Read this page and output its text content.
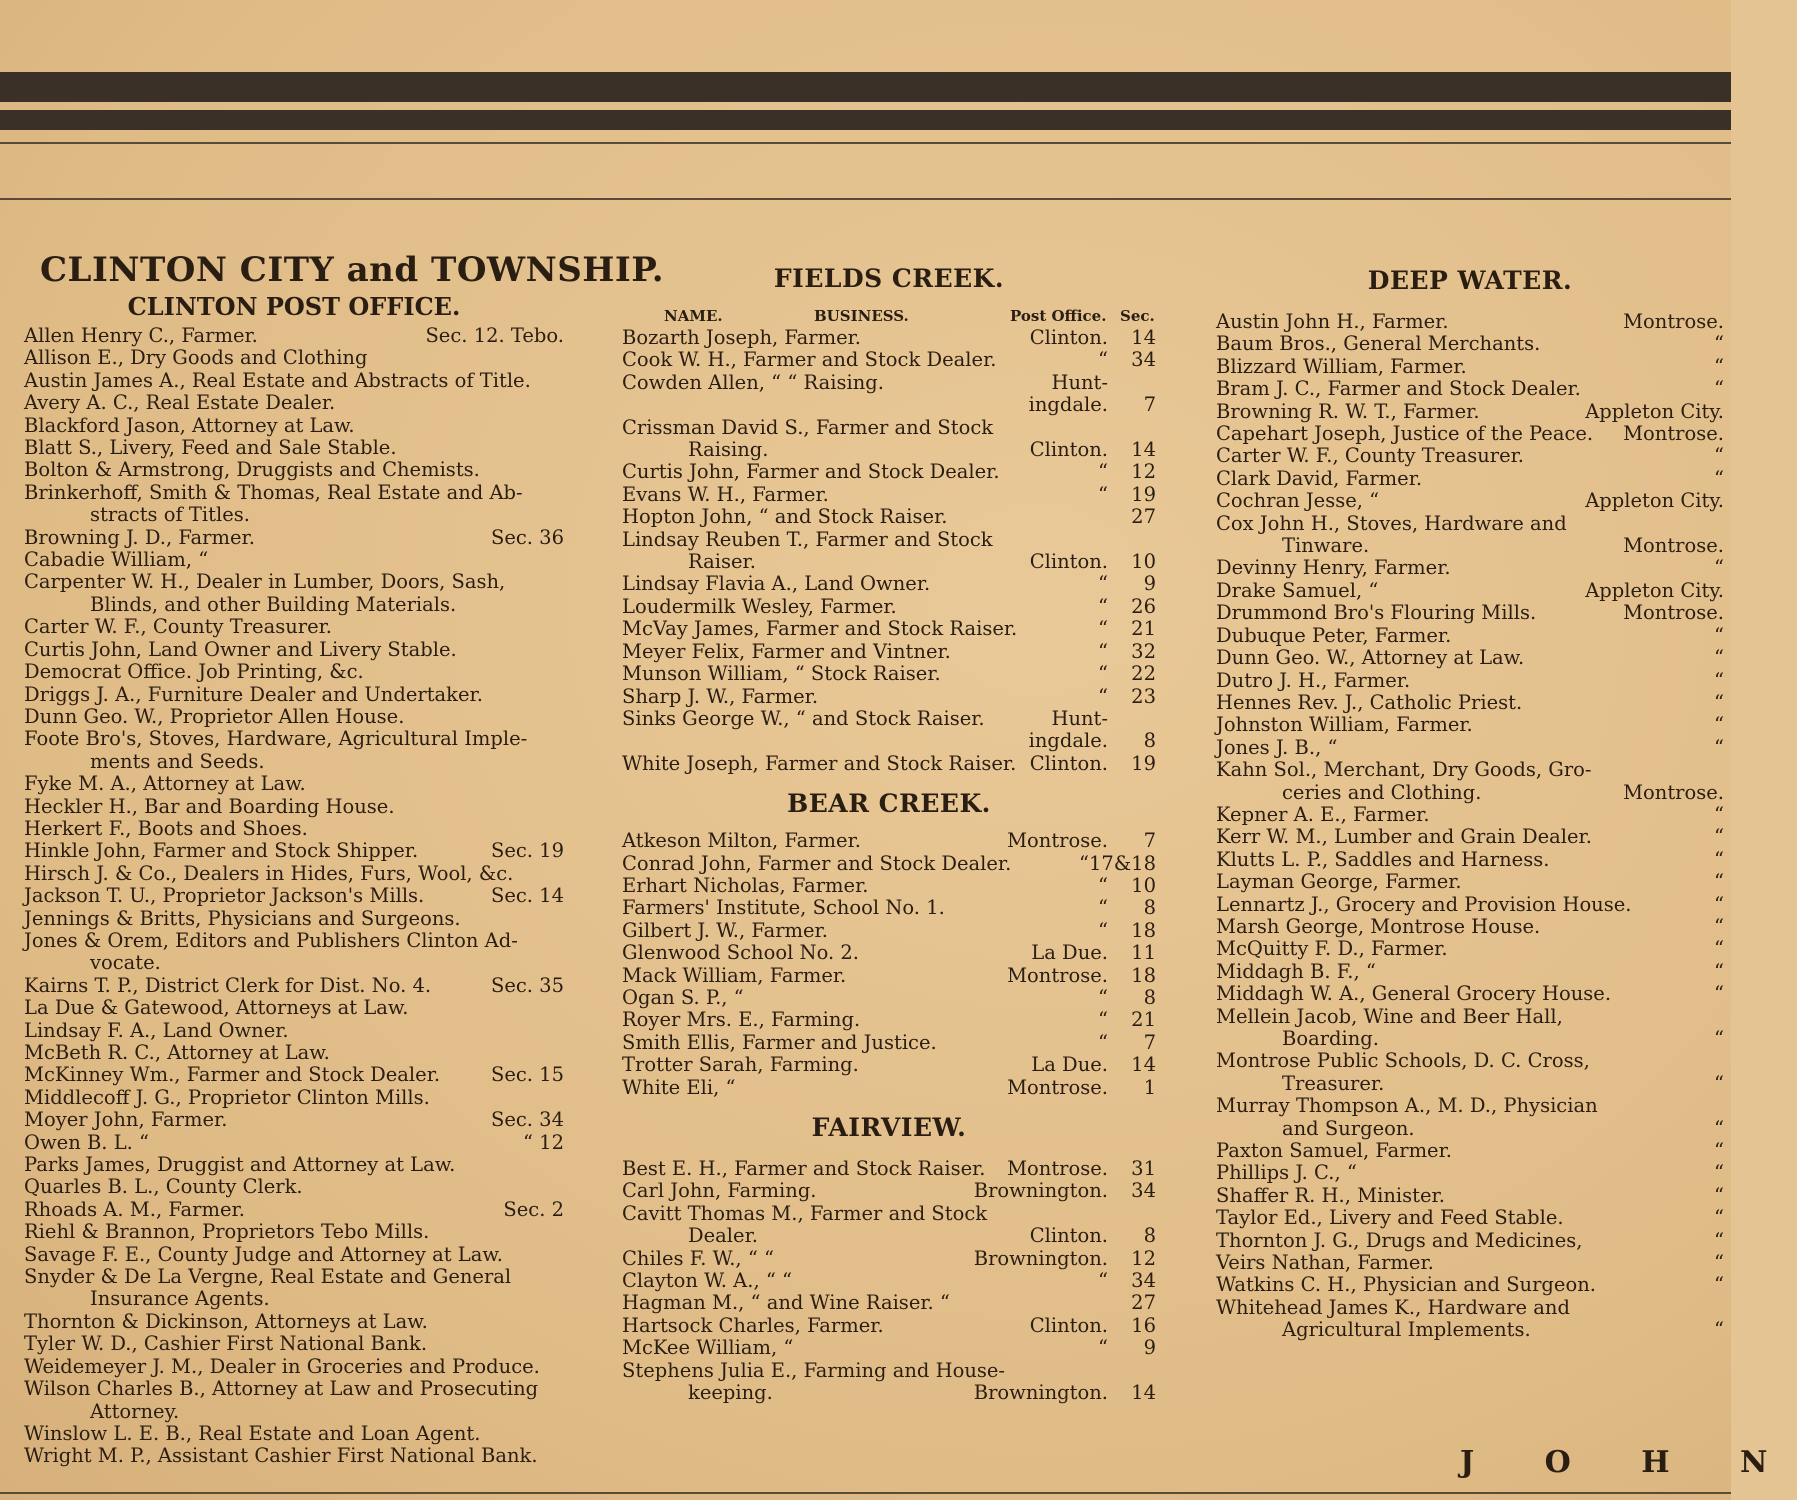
CLINTON CITY and TOWNSHIP.
CLINTON POST OFFICE.
Allen Henry C., Farmer.	Sec. 12. Tebo.
Allison E., Dry Goods and Clothing
Austin James A., Real Estate and Abstracts of Title.
Avery A. C., Real Estate Dealer.
Blackford Jason, Attorney at Law.
Blatt S., Livery, Feed and Sale Stable.
Bolton & Armstrong, Druggists and Chemists.
Brinkerhoff, Smith & Thomas, Real Estate and Ab-
stracts of Titles.
Browning J. D., Farmer.	Sec. 36
Cabadie William, “
Carpenter W. H., Dealer in Lumber, Doors, Sash,
Blinds, and other Building Materials.
Carter W. F., County Treasurer.
Curtis John, Land Owner and Livery Stable.
Democrat Office. Job Printing, &c.
Driggs J. A., Furniture Dealer and Undertaker.
Dunn Geo. W., Proprietor Allen House.
Foote Bro's, Stoves, Hardware, Agricultural Imple-
ments and Seeds.
Fyke M. A., Attorney at Law.
Heckler H., Bar and Boarding House.
Herkert F., Boots and Shoes.
Hinkle John, Farmer and Stock Shipper.	Sec. 19
Hirsch J. & Co., Dealers in Hides, Furs, Wool, &c.
Jackson T. U., Proprietor Jackson's Mills.	Sec. 14
Jennings & Britts, Physicians and Surgeons.
Jones & Orem, Editors and Publishers Clinton Ad-
vocate.
Kairns T. P., District Clerk for Dist. No. 4.	Sec. 35
La Due & Gatewood, Attorneys at Law.
Lindsay F. A., Land Owner.
McBeth R. C., Attorney at Law.
McKinney Wm., Farmer and Stock Dealer.	Sec. 15
Middlecoff J. G., Proprietor Clinton Mills.
Moyer John, Farmer.	Sec. 34
Owen B. L. “	“ 12
Parks James, Druggist and Attorney at Law.
Quarles B. L., County Clerk.
Rhoads A. M., Farmer.	Sec. 2
Riehl & Brannon, Proprietors Tebo Mills.
Savage F. E., County Judge and Attorney at Law.
Snyder & De La Vergne, Real Estate and General
Insurance Agents.
Thornton & Dickinson, Attorneys at Law.
Tyler W. D., Cashier First National Bank.
Weidemeyer J. M., Dealer in Groceries and Produce.
Wilson Charles B., Attorney at Law and Prosecuting
Attorney.
Winslow L. E. B., Real Estate and Loan Agent.
Wright M. P., Assistant Cashier First National Bank.
FIELDS CREEK.
NAME.	BUSINESS.	Post Office. Sec.
Bozarth Joseph, Farmer.	Clinton.	14
Cook W. H., Farmer and Stock Dealer.	“	34
Cowden Allen, “ “ Raising.	Hunt-
ingdale.	7
Crissman David S., Farmer and Stock
Raising.	Clinton.	14
Curtis John, Farmer and Stock Dealer.	“	12
Evans W. H., Farmer.	“	19
Hopton John, “ and Stock Raiser.	27
Lindsay Reuben T., Farmer and Stock
Raiser.	Clinton.	10
Lindsay Flavia A., Land Owner.	“	9
Loudermilk Wesley, Farmer.	“	26
McVay James, Farmer and Stock Raiser.	“	21
Meyer Felix, Farmer and Vintner.	“	32
Munson William, “ Stock Raiser.	“	22
Sharp J. W., Farmer.	“	23
Sinks George W., “ and Stock Raiser.	Hunt-
ingdale.	8
White Joseph, Farmer and Stock Raiser. Clinton.	19
BEAR CREEK.
Atkeson Milton, Farmer.	Montrose.	7
Conrad John, Farmer and Stock Dealer.	“ 17&18
Erhart Nicholas, Farmer.	“	10
Farmers' Institute, School No. 1.	“	8
Gilbert J. W., Farmer.	“	18
Glenwood School No. 2.	La Due.	11
Mack William, Farmer.	Montrose.	18
Ogan S. P., “	“	8
Royer Mrs. E., Farming.	“	21
Smith Ellis, Farmer and Justice.	“	7
Trotter Sarah, Farming.	La Due.	14
White Eli, “	Montrose.	1
FAIRVIEW.
Best E. H., Farmer and Stock Raiser.	Montrose.	31
Carl John, Farming.	Brownington.	34
Cavitt Thomas M., Farmer and Stock
Dealer.	Clinton.	8
Chiles F. W., “ “	Brownington.	12
Clayton W. A., “ “	“	34
Hagman M., “ and Wine Raiser. “	27
Hartsock Charles, Farmer.	Clinton.	16
McKee William, “	“	9
Stephens Julia E., Farming and House-
keeping.	Brownington.	14
DEEP WATER.
Austin John H., Farmer.	Montrose.
Baum Bros., General Merchants.	“
Blizzard William, Farmer.	“
Bram J. C., Farmer and Stock Dealer.	“
Browning R. W. T., Farmer.	Appleton City.
Capehart Joseph, Justice of the Peace.	Montrose.
Carter W. F., County Treasurer.	“
Clark David, Farmer.	“
Cochran Jesse, “	Appleton City.
Cox John H., Stoves, Hardware and
Tinware.	Montrose.
Devinny Henry, Farmer.	“
Drake Samuel, “	Appleton City.
Drummond Bro's Flouring Mills.	Montrose.
Dubuque Peter, Farmer.	“
Dunn Geo. W., Attorney at Law.	“
Dutro J. H., Farmer.	“
Hennes Rev. J., Catholic Priest.	“
Johnston William, Farmer.	“
Jones J. B., “	“
Kahn Sol., Merchant, Dry Goods, Gro-
ceries and Clothing.	Montrose.
Kepner A. E., Farmer.	“
Kerr W. M., Lumber and Grain Dealer.	“
Klutts L. P., Saddles and Harness.	“
Layman George, Farmer.	“
Lennartz J., Grocery and Provision House.	“
Marsh George, Montrose House.	“
McQuitty F. D., Farmer.	“
Middagh B. F., “	“
Middagh W. A., General Grocery House.	“
Mellein Jacob, Wine and Beer Hall,
Boarding.	“
Montrose Public Schools, D. C. Cross,
Treasurer.	“
Murray Thompson A., M. D., Physician
and Surgeon.	“
Paxton Samuel, Farmer.	“
Phillips J. C., “	“
Shaffer R. H., Minister.	“
Taylor Ed., Livery and Feed Stable.	“
Thornton J. G., Drugs and Medicines,	“
Veirs Nathan, Farmer.	“
Watkins C. H., Physician and Surgeon.	“
Whitehead James K., Hardware and
Agricultural Implements.	“
J O H N
